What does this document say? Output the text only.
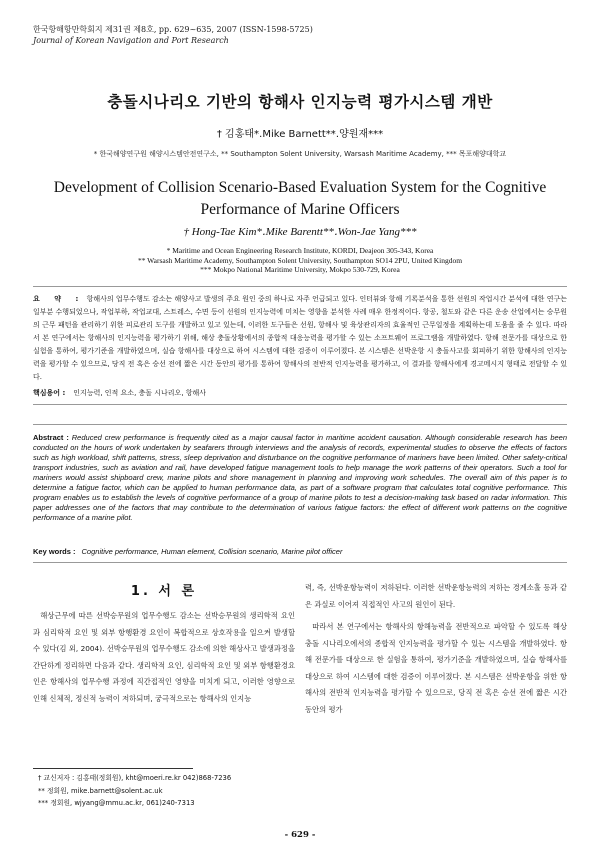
한국항해항만학회지 제31권 제8호, pp. 629~635, 2007 (ISSN-1598-5725)
Journal of Korean Navigation and Port Research
충돌시나리오 기반의 항해사 인지능력 평가시스템 개반
† 김홍태*․Mike Barnett**․양원재***
* 한국해양연구원 해양시스템안전연구소, ** Southampton Solent University, Warsash Maritime Academy, *** 목포해양대학교
Development of Collision Scenario-Based Evaluation System for the Cognitive
Performance of Marine Officers
† Hong-Tae Kim*․Mike Barentt**․Won-Jae Yang***
* Maritime and Ocean Engineering Research Institute, KORDI, Deajeon 305-343, Korea
** Warsash Maritime Academy, Southampton Solent University, Southampton SO14 2PU, United Kingdom
*** Mokpo National Maritime University, Mokpo 530-729, Korea
요 약 : 항해사의 업무수행도 감소는 해양사고 발생의 주요 원인 중의 하나로 자주 언급되고 있다. 인터뷰와 항해 기록분석을 통한 선원의 작업시간 분석에 대한 연구는 일부분 수행되었으나, 작업부하, 작업교대, 스트레스, 수면 등이 선원의 인지능력에 미치는 영향을 분석한 사례 매우 한정적이다. 항공, 철도와 같은 다른 운송 산업에서는 승무원의 근무 패턴을 관리하기 위한 피로관리 도구를 개발하고 있고 있는데, 이러한 도구들은 선원, 항해사 및 육상관리자의 효율적인 근무일정을 계획하는데 도움을 줄 수 있다. 따라서 본 연구에서는 항해사의 인지능력을 평가하기 위해, 해상 충돌상황에서의 종합적 대응능력을 평가할 수 있는 소프트웨어 프로그램을 개발하였다. 항해 전문가를 대상으로 한 실험을 통하여, 평가기준을 개발하였으며, 실습 항해사를 대상으로 하여 시스템에 대한 검증이 이루어졌다. 본 시스템은 선박운항 시 충돌사고를 회피하기 위한 항해사의 인지능력을 평가할 수 있으므로, 당직 전 혹은 승선 전에 짧은 시간 동안의 평가를 통하여 항해사의 전반적 인지능력을 평가하고, 이 결과를 항해사에게 경고메시지 형태로 전달할 수 있다.
핵심용어 : 인지능력, 인적 요소, 충돌 시나리오, 항해사
Abstract : Reduced crew performance is frequently cited as a major causal factor in maritime accident causation. Although considerable research has been conducted on the hours of work undertaken by seafarers through interviews and the analysis of records, experimental studies to observe the effects of factors such as high workload, shift patterns, stress, sleep deprivation and disturbance on the cognitive performance of mariners have been limited. Other safety-critical transport industries, such as aviation and rail, have developed fatigue management tools to help manage the work patterns of their operators. Such a tool for mariners would assist shipboard crew, marine pilots and shore management in planning and improving work schedules. The overall aim of this paper is to determine a fatigue factor, which can be applied to human performance data, as part of a software program that calculates total cognitive performance. This program enables us to establish the levels of cognitive performance of a group of marine pilots to test a decision-making task based on radar information. This paper addresses one of the factors that may contribute to the determination of various fatigue factors: the effect of different work patterns on the cognitive performance of a marine pilot.
Key words : Cognitive performance, Human element, Collision scenario, Marine pilot officer
1. 서 론

해상근무에 따른 선박승무원의 업무수행도 감소는 선박승무원의 생리학적 요인과 심리학적 요인 및 외부 항행환경 요인이 복합적으로 상호작용을 일으켜 발생할 수 있다(김 외, 2004). 선박승무원의 업무수행도 감소에 의한 해상사고 발생과정을 간단하게 정리하면 다음과 같다. 생리학적 요인, 심리학적 요인 및 외부 항행환경요인은 항해사의 업무수행 과정에 직간접적인 영향을 미치게 되고, 이러한 영향으로 인해 신체적, 정신적 능력이 저하되며, 궁극적으로는 항해사의 인지능

력, 즉, 선박운항능력이 저하된다. 이러한 선박운항능력의 저하는 경계소홀 등과 같은 과실로 이어져 직접적인 사고의 원인이 된다.

따라서 본 연구에서는 항해사의 항해능력을 전반적으로 파악할 수 있도록 해상 충돌 시나리오에서의 종합적 인지능력을 평가할 수 있는 시스템을 개발하였다. 항해 전문가를 대상으로 한 실험을 통하여, 평가기준을 개발하였으며, 실습 항해사를 대상으로 하여 시스템에 대한 검증이 이루어졌다. 본 시스템은 선박운항을 위한 항해사의 전반적 인지능력을 평가할 수 있으므로, 당직 전 혹은 승선 전에 짧은 시간 동안의 평가

† 교신저자 : 김홍태(정회원), kht@moeri.re.kr 042)868-7236
** 정회원, mike.barnett@solent.ac.uk
*** 정회원, wjyang@mmu.ac.kr, 061)240-7313
- 629 -
